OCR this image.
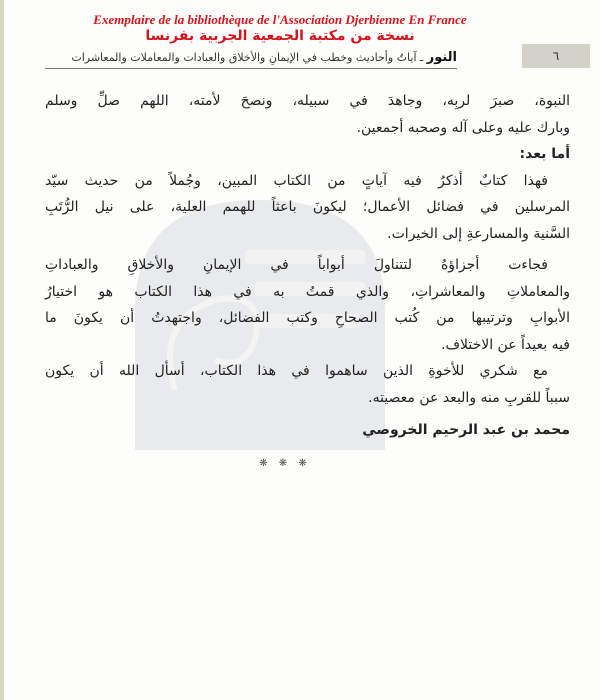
Exemplaire de la bibliothèque de l'Association Djerbienne En France
نسخة من مكتبة الجمعية الجربية بفرنسا
النور ـ آياتٌ وأحاديث وخطب في الإيمانِ والأخلاق والعبادات والمعاملات والمعاشرات	٦
النبوة، صبرَ لربِه، وجاهدَ في سبيله، ونصحَ لأمته، اللهم صلِّ وسلم
وبارك عليه وعلى آله وصحبه أجمعين.
أما بعد:
فهذا كتابٌ أذكرُ فيه آياتٍ من الكتاب المبين، وجُملاً من حديث سيّد
المرسلين في فضائل الأعمال؛ ليكونَ باعثاً للهمم العلية، على نيل الرُّتَبِ
السَّنية والمسارعةِ إلى الخيرات.
فجاءت أجزاؤهُ لتتناولَ أبواباً في الإيمانِ والأخلاقِ والعباداتِ
والمعاملاتِ والمعاشراتِ، والذي قمتُ به في هذا الكتاب هو اختيارُ
الأبوابِ وترتيبها من كُتب الصحاحِ وكتب الفضائل، واجتهدتُ أن يكونَ ما
فيه بعيداً عن الاختلاف.
مع شكري للأخوةِ الذين ساهموا في هذا الكتاب، أسأل الله أن يكون
سبباً للقربِ منه والبعد عن معصيته.
محمد بن عبد الرحيم الخروصي
❋ ❋ ❋
